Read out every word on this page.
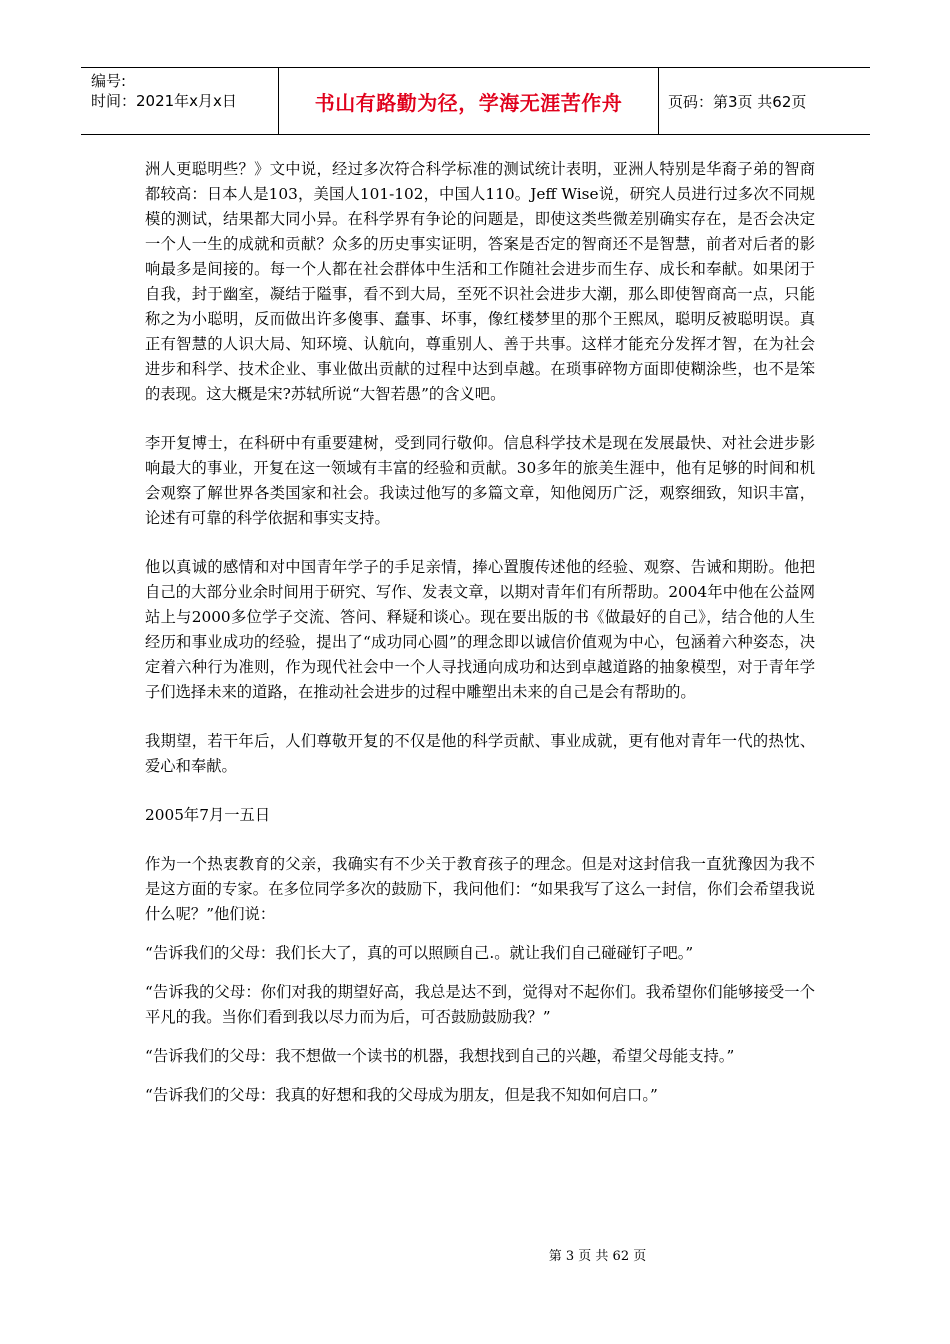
编号:
时间：2021年x月x日	书山有路勤为径，学海无涯苦作舟	页码：第3页 共62页

洲人更聪明些？》文中说，经过多次符合科学标准的测试统计表明，亚洲人特别是华裔子弟的智商都较高：日本人是103，美国人101-102，中国人110。Jeff Wise说，研究人员进行过多次不同规模的测试，结果都大同小异。在科学界有争论的问题是，即使这类些微差别确实存在，是否会决定一个人一生的成就和贡献？众多的历史事实证明，答案是否定的智商还不是智慧，前者对后者的影响最多是间接的。每一个人都在社会群体中生活和工作随社会进步而生存、成长和奉献。如果闭于自我，封于幽室，凝结于隘事，看不到大局，至死不识社会进步大潮，那么即使智商高一点，只能称之为小聪明，反而做出许多傻事、蠢事、坏事，像红楼梦里的那个王熙凤，聪明反被聪明误。真正有智慧的人识大局、知环境、认航向，尊重别人、善于共事。这样才能充分发挥才智，在为社会进步和科学、技术企业、事业做出贡献的过程中达到卓越。在琐事碎物方面即使糊涂些，也不是笨的表现。这大概是宋?苏轼所说“大智若愚”的含义吧。

李开复博士，在科研中有重要建树，受到同行敬仰。信息科学技术是现在发展最快、对社会进步影响最大的事业，开复在这一领域有丰富的经验和贡献。30多年的旅美生涯中，他有足够的时间和机会观察了解世界各类国家和社会。我读过他写的多篇文章，知他阅历广泛，观察细致，知识丰富，论述有可靠的科学依据和事实支持。

他以真诚的感情和对中国青年学子的手足亲情，捧心置腹传述他的经验、观察、告诫和期盼。他把自己的大部分业余时间用于研究、写作、发表文章，以期对青年们有所帮助。2004年中他在公益网站上与2000多位学子交流、答问、释疑和谈心。现在要出版的书《做最好的自己》，结合他的人生经历和事业成功的经验，提出了“成功同心圆”的理念即以诚信价值观为中心，包涵着六种姿态，决定着六种行为准则，作为现代社会中一个人寻找通向成功和达到卓越道路的抽象模型，对于青年学子们选择未来的道路，在推动社会进步的过程中雕塑出未来的自己是会有帮助的。

我期望，若干年后，人们尊敬开复的不仅是他的科学贡献、事业成就，更有他对青年一代的热忱、爱心和奉献。

2005年7月一五日

作为一个热衷教育的父亲，我确实有不少关于教育孩子的理念。但是对这封信我一直犹豫因为我不是这方面的专家。在多位同学多次的鼓励下，我问他们：“如果我写了这么一封信，你们会希望我说什么呢？”他们说：

“告诉我们的父母：我们长大了，真的可以照顾自己.。就让我们自己碰碰钉子吧。”

“告诉我的父母：你们对我的期望好高，我总是达不到，觉得对不起你们。我希望你们能够接受一个平凡的我。当你们看到我以尽力而为后，可否鼓励鼓励我？”

“告诉我们的父母：我不想做一个读书的机器，我想找到自己的兴趣，希望父母能支持。”

“告诉我们的父母：我真的好想和我的父母成为朋友，但是我不知如何启口。”

第 3 页 共 62 页
